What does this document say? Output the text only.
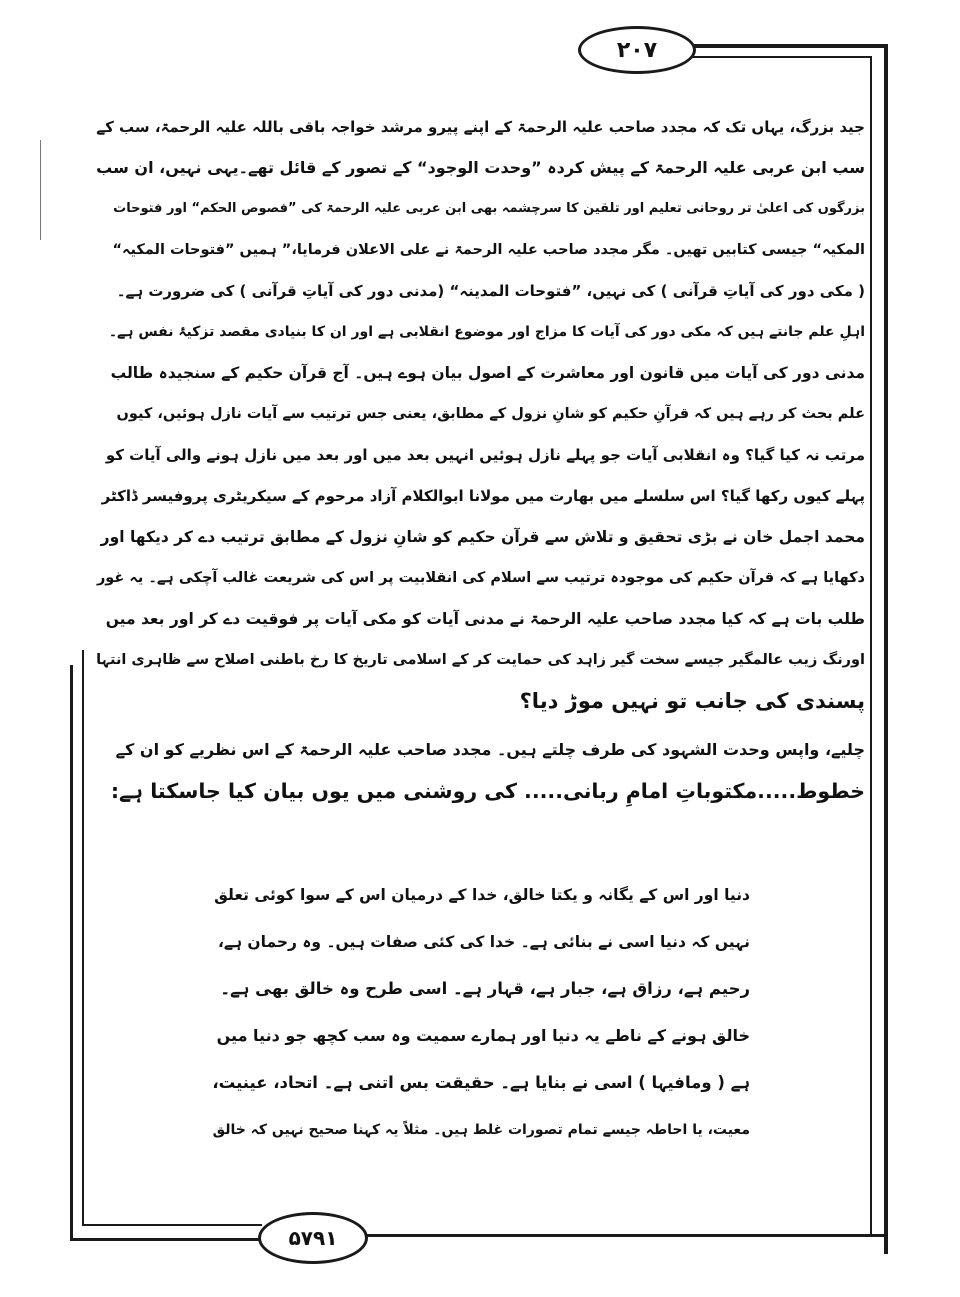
۲۰۷
۵۷۹۱
جید بزرگ، یہاں تک کہ مجدد صاحب علیہ الرحمۃ کے اپنے پیرو مرشد خواجہ باقی باللہ علیہ الرحمۃ، سب کے
سب ابن عربی علیہ الرحمۃ کے پیش کردہ ”وحدت الوجود“ کے تصور کے قائل تھے۔یہی نہیں، ان سب
بزرگوں کی اعلیٰ تر روحانی تعلیم اور تلقین کا سرچشمہ بھی ابن عربی علیہ الرحمۃ کی ”فصوص الحکم“ اور فتوحات
المکیہ“ جیسی کتابیں تھیں۔ مگر مجدد صاحب علیہ الرحمۃ نے علی الاعلان فرمایا،” ہمیں ”فتوحات المکیہ“
( مکی دور کی آیاتِ قرآنی ) کی نہیں، ”فتوحات المدینہ“ (مدنی دور کی آیاتِ قرآنی ) کی ضرورت ہے۔
اہلِ علم جانتے ہیں کہ مکی دور کی آیات کا مزاج اور موضوع انقلابی ہے اور ان کا بنیادی مقصد تزکیۂ نفس ہے۔
مدنی دور کی آیات میں قانون اور معاشرت کے اصول بیان ہوے ہیں۔ آج قرآن حکیم کے سنجیدہ طالب
علم بحث کر رہے ہیں کہ قرآنِ حکیم کو شانِ نزول کے مطابق، یعنی جس ترتیب سے آیات نازل ہوئیں، کیوں
مرتب نہ کیا گیا؟ وہ انقلابی آیات جو پہلے نازل ہوئیں انہیں بعد میں اور بعد میں نازل ہونے والی آیات کو
پہلے کیوں رکھا گیا؟ اس سلسلے میں بھارت میں مولانا ابوالکلام آزاد مرحوم کے سیکریٹری پروفیسر ڈاکٹر
محمد اجمل خان نے بڑی تحقیق و تلاش سے قرآن حکیم کو شانِ نزول کے مطابق ترتیب دے کر دیکھا اور
دکھایا ہے کہ قرآن حکیم کی موجودہ ترتیب سے اسلام کی انقلابیت پر اس کی شریعت غالب آچکی ہے۔ یہ غور
طلب بات ہے کہ کیا مجدد صاحب علیہ الرحمۃ نے مدنی آیات کو مکی آیات پر فوقیت دے کر اور بعد میں
اورنگ زیب عالمگیر جیسے سخت گیر زاہد کی حمایت کر کے اسلامی تاریخ کا رخ باطنی اصلاح سے ظاہری انتہا
پسندی کی جانب تو نہیں موڑ دیا؟
چلیے، واپس وحدت الشہود کی طرف چلتے ہیں۔ مجدد صاحب علیہ الرحمۃ کے اس نظریے کو ان کے
خطوط.....مکتوباتِ امامِ ربانی..... کی روشنی میں یوں بیان کیا جاسکتا ہے:
دنیا اور اس کے یگانہ و یکتا خالق، خدا کے درمیان اس کے سوا کوئی تعلق
نہیں کہ دنیا اسی نے بنائی ہے۔ خدا کی کئی صفات ہیں۔ وہ رحمان ہے،
رحیم ہے، رزاق ہے، جبار ہے، قہار ہے۔ اسی طرح وہ خالق بھی ہے۔
خالق ہونے کے ناطے یہ دنیا اور ہمارے سمیت وہ سب کچھ جو دنیا میں
ہے ( ومافیہا ) اسی نے بنایا ہے۔ حقیقت بس اتنی ہے۔ اتحاد، عینیت،
معیت، یا احاطہ جیسے تمام تصورات غلط ہیں۔ مثلاً یہ کہنا صحیح نہیں کہ خالق
